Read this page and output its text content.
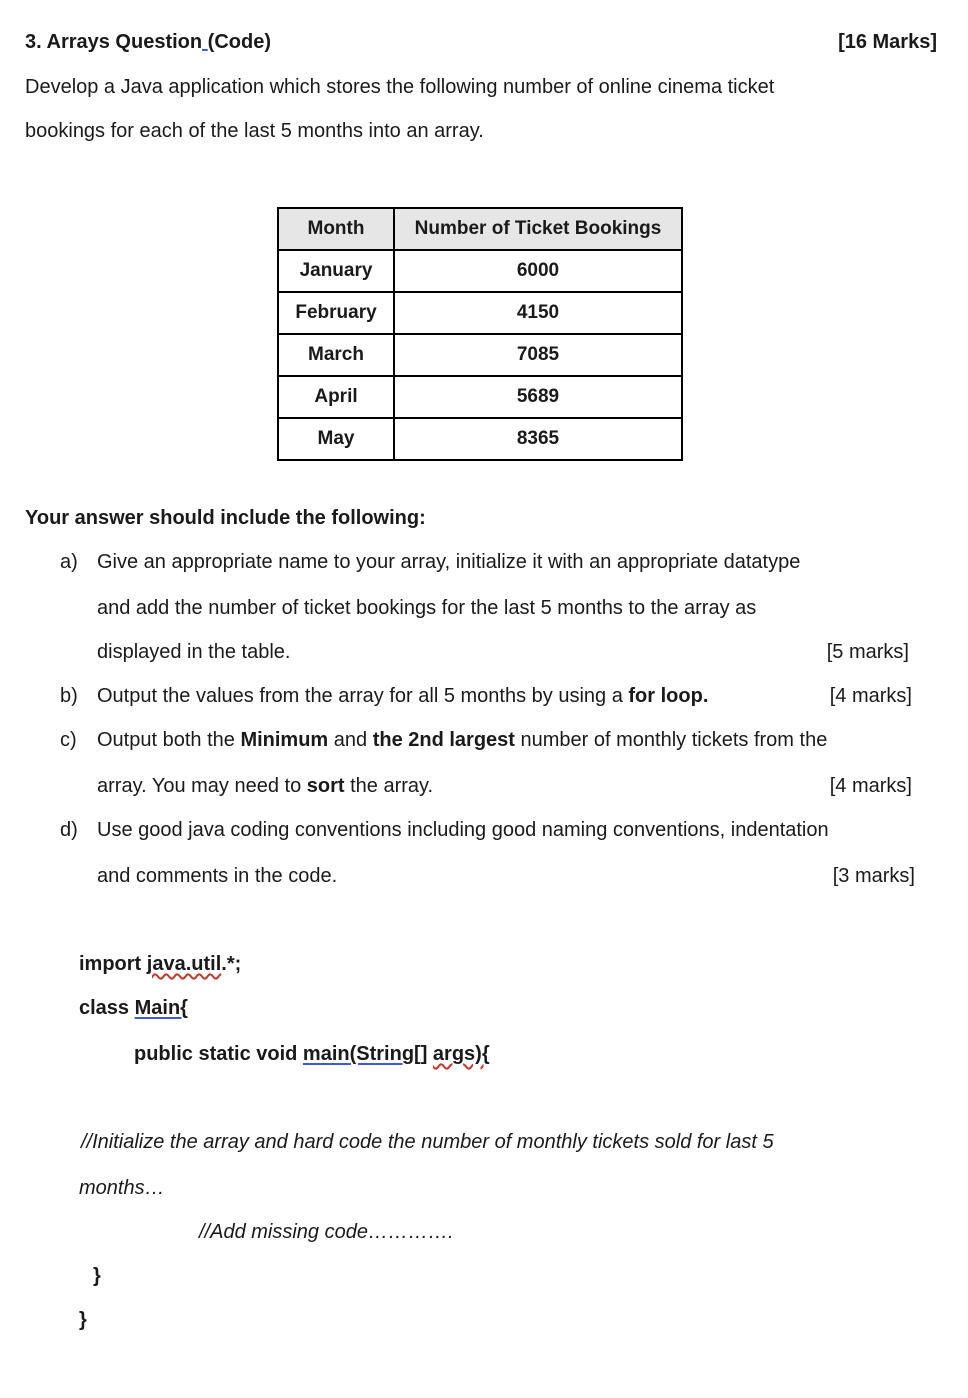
3. Arrays Question (Code)	[16 Marks]
Develop a Java application which stores the following number of online cinema ticket
bookings for each of the last 5 months into an array.
Month	Number of Ticket Bookings
January	6000
February	4150
March	7085
April	5689
May	8365
Your answer should include the following:
a) Give an appropriate name to your array, initialize it with an appropriate datatype
and add the number of ticket bookings for the last 5 months to the array as
displayed in the table.	[5 marks]
b) Output the values from the array for all 5 months by using a for loop.	[4 marks]
c) Output both the Minimum and the 2nd largest number of monthly tickets from the
array. You may need to sort the array.	[4 marks]
d) Use good java coding conventions including good naming conventions, indentation
and comments in the code.	[3 marks]
import java.util.*;
class Main{
public static void main(String[] args){
//Initialize the array and hard code the number of monthly tickets sold for last 5
months…
//Add missing code………….
}
}
